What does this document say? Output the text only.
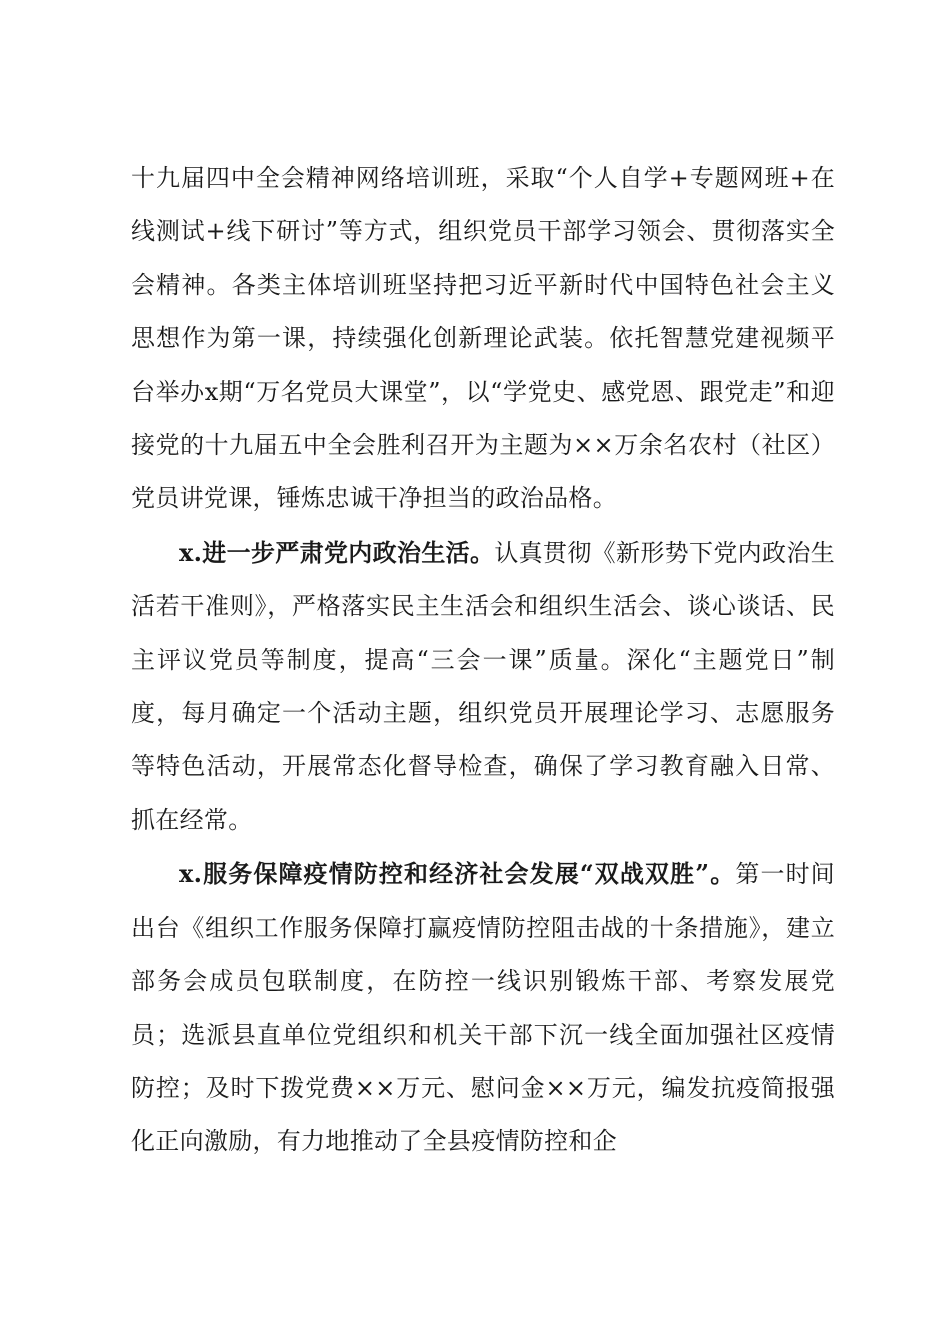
十九届四中全会精神网络培训班，采取“个人自学+专题网班+在线测试+线下研讨”等方式，组织党员干部学习领会、贯彻落实全会精神。各类主体培训班坚持把习近平新时代中国特色社会主义思想作为第一课，持续强化创新理论武装。依托智慧党建视频平台举办x期“万名党员大课堂”，以“学党史、感党恩、跟党走”和迎接党的十九届五中全会胜利召开为主题为××万余名农村（社区）党员讲党课，锤炼忠诚干净担当的政治品格。

x.进一步严肃党内政治生活。认真贯彻《新形势下党内政治生活若干准则》，严格落实民主生活会和组织生活会、谈心谈话、民主评议党员等制度，提高“三会一课”质量。深化“主题党日”制度，每月确定一个活动主题，组织党员开展理论学习、志愿服务等特色活动，开展常态化督导检查，确保了学习教育融入日常、抓在经常。

x.服务保障疫情防控和经济社会发展“双战双胜”。第一时间出台《组织工作服务保障打赢疫情防控阻击战的十条措施》，建立部务会成员包联制度，在防控一线识别锻炼干部、考察发展党员；选派县直单位党组织和机关干部下沉一线全面加强社区疫情防控；及时下拨党费××万元、慰问金××万元，编发抗疫简报强化正向激励，有力地推动了全县疫情防控和企
